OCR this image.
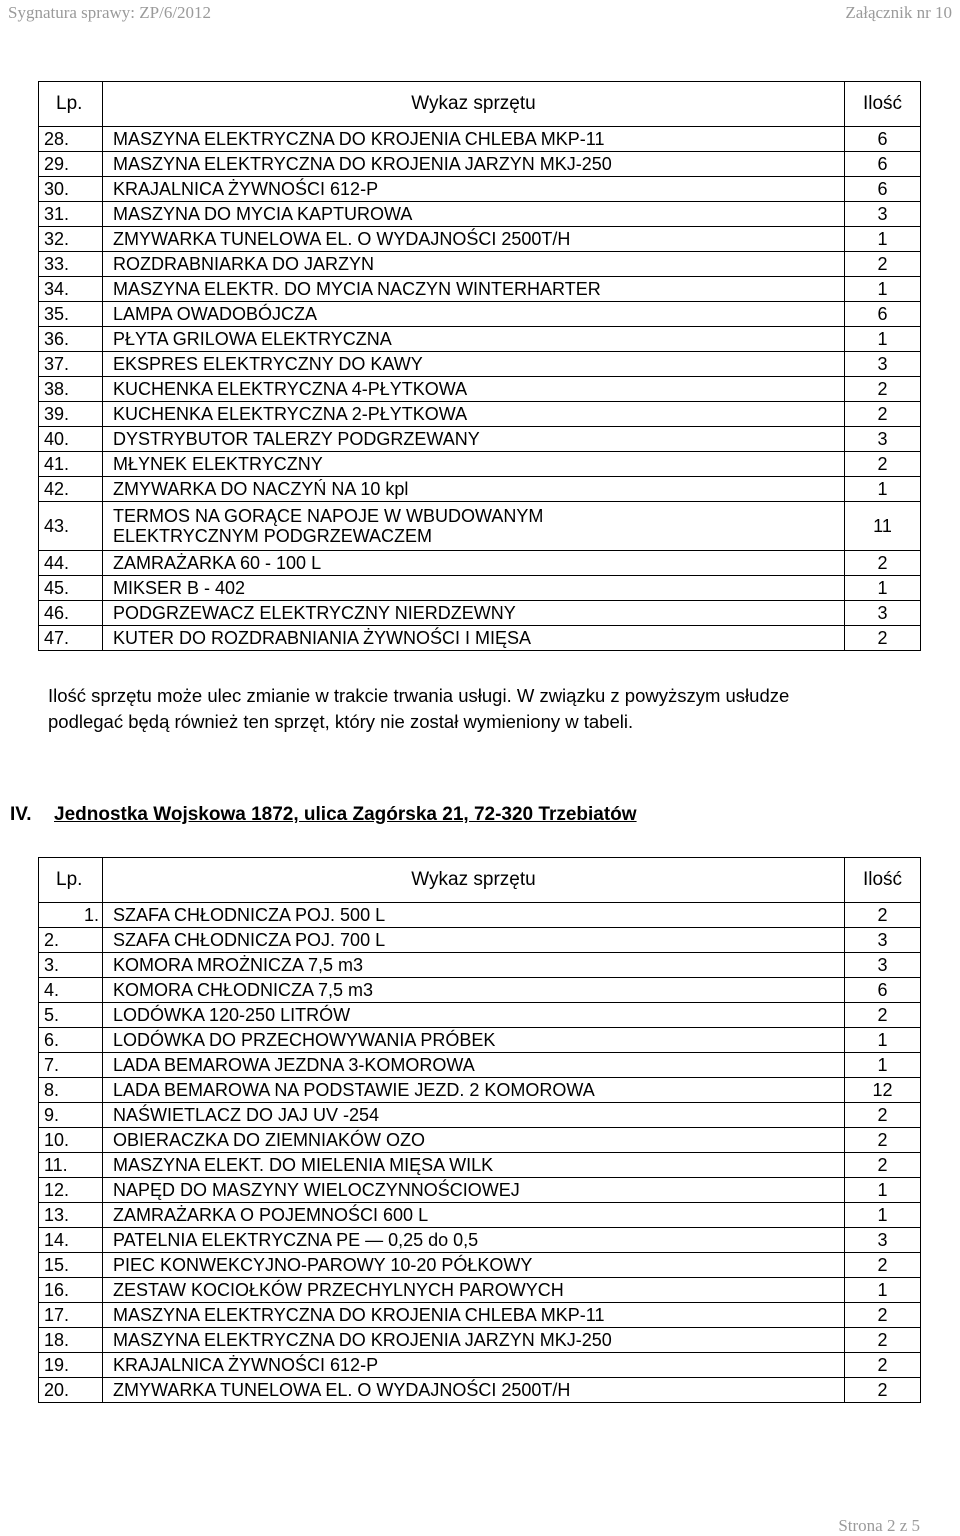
Sygnatura sprawy: ZP/6/2012	Załącznik nr 10
Lp.	Wykaz sprzętu	Ilość
28.	MASZYNA ELEKTRYCZNA DO KROJENIA CHLEBA MKP-11	6
29.	MASZYNA ELEKTRYCZNA DO KROJENIA JARZYN MKJ-250	6
30.	KRAJALNICA ŻYWNOŚCI 612-P	6
31.	MASZYNA DO MYCIA KAPTUROWA	3
32.	ZMYWARKA TUNELOWA EL. O WYDAJNOŚCI 2500T/H	1
33.	ROZDRABNIARKA DO JARZYN	2
34.	MASZYNA ELEKTR. DO MYCIA NACZYN WINTERHARTER	1
35.	LAMPA OWADOBÓJCZA	6
36.	PŁYTA GRILOWA ELEKTRYCZNA	1
37.	EKSPRES ELEKTRYCZNY DO KAWY	3
38.	KUCHENKA ELEKTRYCZNA 4-PŁYTKOWA	2
39.	KUCHENKA ELEKTRYCZNA 2-PŁYTKOWA	2
40.	DYSTRYBUTOR TALERZY PODGRZEWANY	3
41.	MŁYNEK ELEKTRYCZNY	2
42.	ZMYWARKA DO NACZYŃ NA 10 kpl	1
43.	TERMOS NA GORĄCE NAPOJE W WBUDOWANYM
ELEKTRYCZNYM PODGRZEWACZEM	11
44.	ZAMRAŻARKA 60 - 100 L	2
45.	MIKSER B - 402	1
46.	PODGRZEWACZ ELEKTRYCZNY NIERDZEWNY	3
47.	KUTER DO ROZDRABNIANIA ŻYWNOŚCI I MIĘSA	2
Ilość sprzętu może ulec zmianie w trakcie trwania usługi. W związku z powyższym usłudze
podlegać będą również ten sprzęt, który nie został wymieniony w tabeli.
IV. Jednostka Wojskowa 1872, ulica Zagórska 21, 72-320 Trzebiatów
Lp.	Wykaz sprzętu	Ilość
1.	SZAFA CHŁODNICZA POJ. 500 L	2
2.	SZAFA CHŁODNICZA POJ. 700 L	3
3.	KOMORA MROŻNICZA 7,5 m3	3
4.	KOMORA CHŁODNICZA 7,5 m3	6
5.	LODÓWKA 120-250 LITRÓW	2
6.	LODÓWKA DO PRZECHOWYWANIA PRÓBEK	1
7.	LADA BEMAROWA JEZDNA 3-KOMOROWA	1
8.	LADA BEMAROWA NA PODSTAWIE JEZD. 2 KOMOROWA	12
9.	NAŚWIETLACZ DO JAJ UV -254	2
10.	OBIERACZKA DO ZIEMNIAKÓW OZO	2
11.	MASZYNA ELEKT. DO MIELENIA MIĘSA WILK	2
12.	NAPĘD DO MASZYNY WIELOCZYNNOŚCIOWEJ	1
13.	ZAMRAŻARKA O POJEMNOŚCI 600 L	1
14.	PATELNIA ELEKTRYCZNA PE — 0,25 do 0,5	3
15.	PIEC KONWEKCYJNO-PAROWY 10-20 PÓŁKOWY	2
16.	ZESTAW KOCIOŁKÓW PRZECHYLNYCH PAROWYCH	1
17.	MASZYNA ELEKTRYCZNA DO KROJENIA CHLEBA MKP-11	2
18.	MASZYNA ELEKTRYCZNA DO KROJENIA JARZYN MKJ-250	2
19.	KRAJALNICA ŻYWNOŚCI 612-P	2
20.	ZMYWARKA TUNELOWA EL. O WYDAJNOŚCI 2500T/H	2
Strona 2 z 5
